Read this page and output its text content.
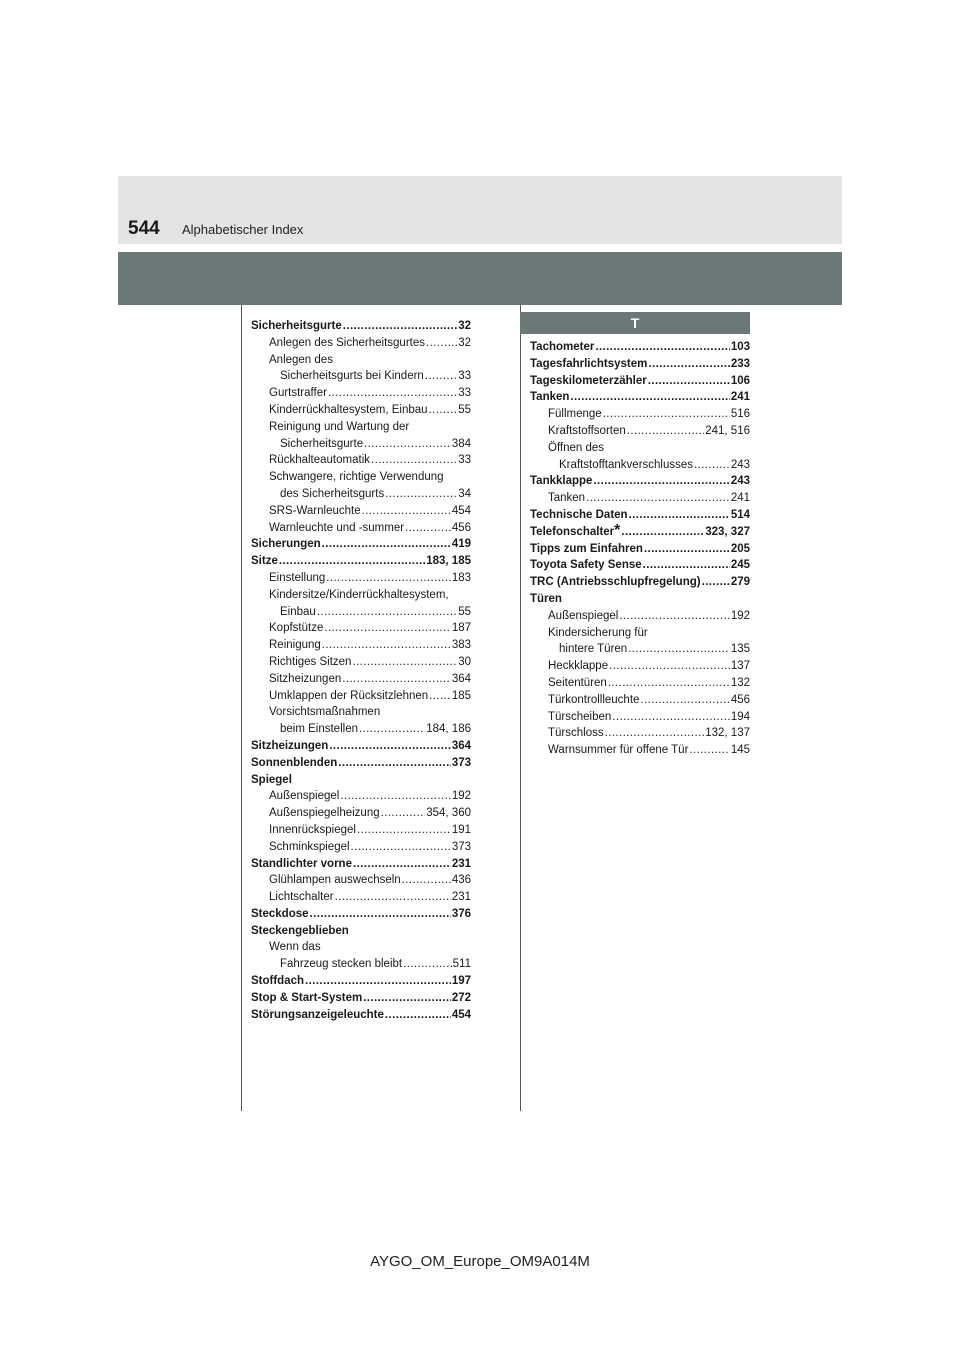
544 Alphabetischer Index
Sicherheitsgurte .....	32
Anlegen des Sicherheitsgurtes .....	32
Anlegen des
Sicherheitsgurts bei Kindern .....	33
Gurtstraffer .....	33
Kinderrückhaltesystem, Einbau .....	55
Reinigung und Wartung der
Sicherheitsgurte .....	384
Rückhalteautomatik .....	33
Schwangere, richtige Verwendung
des Sicherheitsgurts .....	34
SRS-Warnleuchte .....	454
Warnleuchte und -summer .....	456
Sicherungen .....	419
Sitze .....	183, 185
Einstellung .....	183
Kindersitze/Kinderrückhaltesystem,
Einbau .....	55
Kopfstütze .....	187
Reinigung .....	383
Richtiges Sitzen .....	30
Sitzheizungen .....	364
Umklappen der Rücksitzlehnen ..... 185
Vorsichtsmaßnahmen
beim Einstellen .....	184, 186
Sitzheizungen .....	364
Sonnenblenden .....	373
Spiegel
Außenspiegel .....	192
Außenspiegelheizung .....	354, 360
Innenrückspiegel .....	191
Schminkspiegel .....	373
Standlichter vorne .....	231
Glühlampen auswechseln .....	436
Lichtschalter .....	231
Steckdose .....	376
Steckengeblieben
Wenn das
Fahrzeug stecken bleibt .....	511
Stoffdach .....	197
Stop & Start-System .....	272
Störungsanzeigeleuchte .....	454
T
Tachometer .....	103
Tagesfahrlichtsystem .....	233
Tageskilometerzähler .....	106
Tanken .....	241
Füllmenge .....	516
Kraftstoffsorten .....	241, 516
Öffnen des
Kraftstofftankverschlusses .....	243
Tankklappe .....	243
Tanken .....	241
Technische Daten .....	514
Telefonschalter * .....	323, 327
Tipps zum Einfahren .....	205
Toyota Safety Sense .....	245
TRC (Antriebsschlupfregelung) .....	279
Türen
Außenspiegel .....	192
Kindersicherung für
hintere Türen .....	135
Heckklappe .....	137
Seitentüren .....	132
Türkontrollleuchte .....	456
Türscheiben .....	194
Türschloss .....	132, 137
Warnsummer für offene Tür .....	145
AYGO_OM_Europe_OM9A014M
